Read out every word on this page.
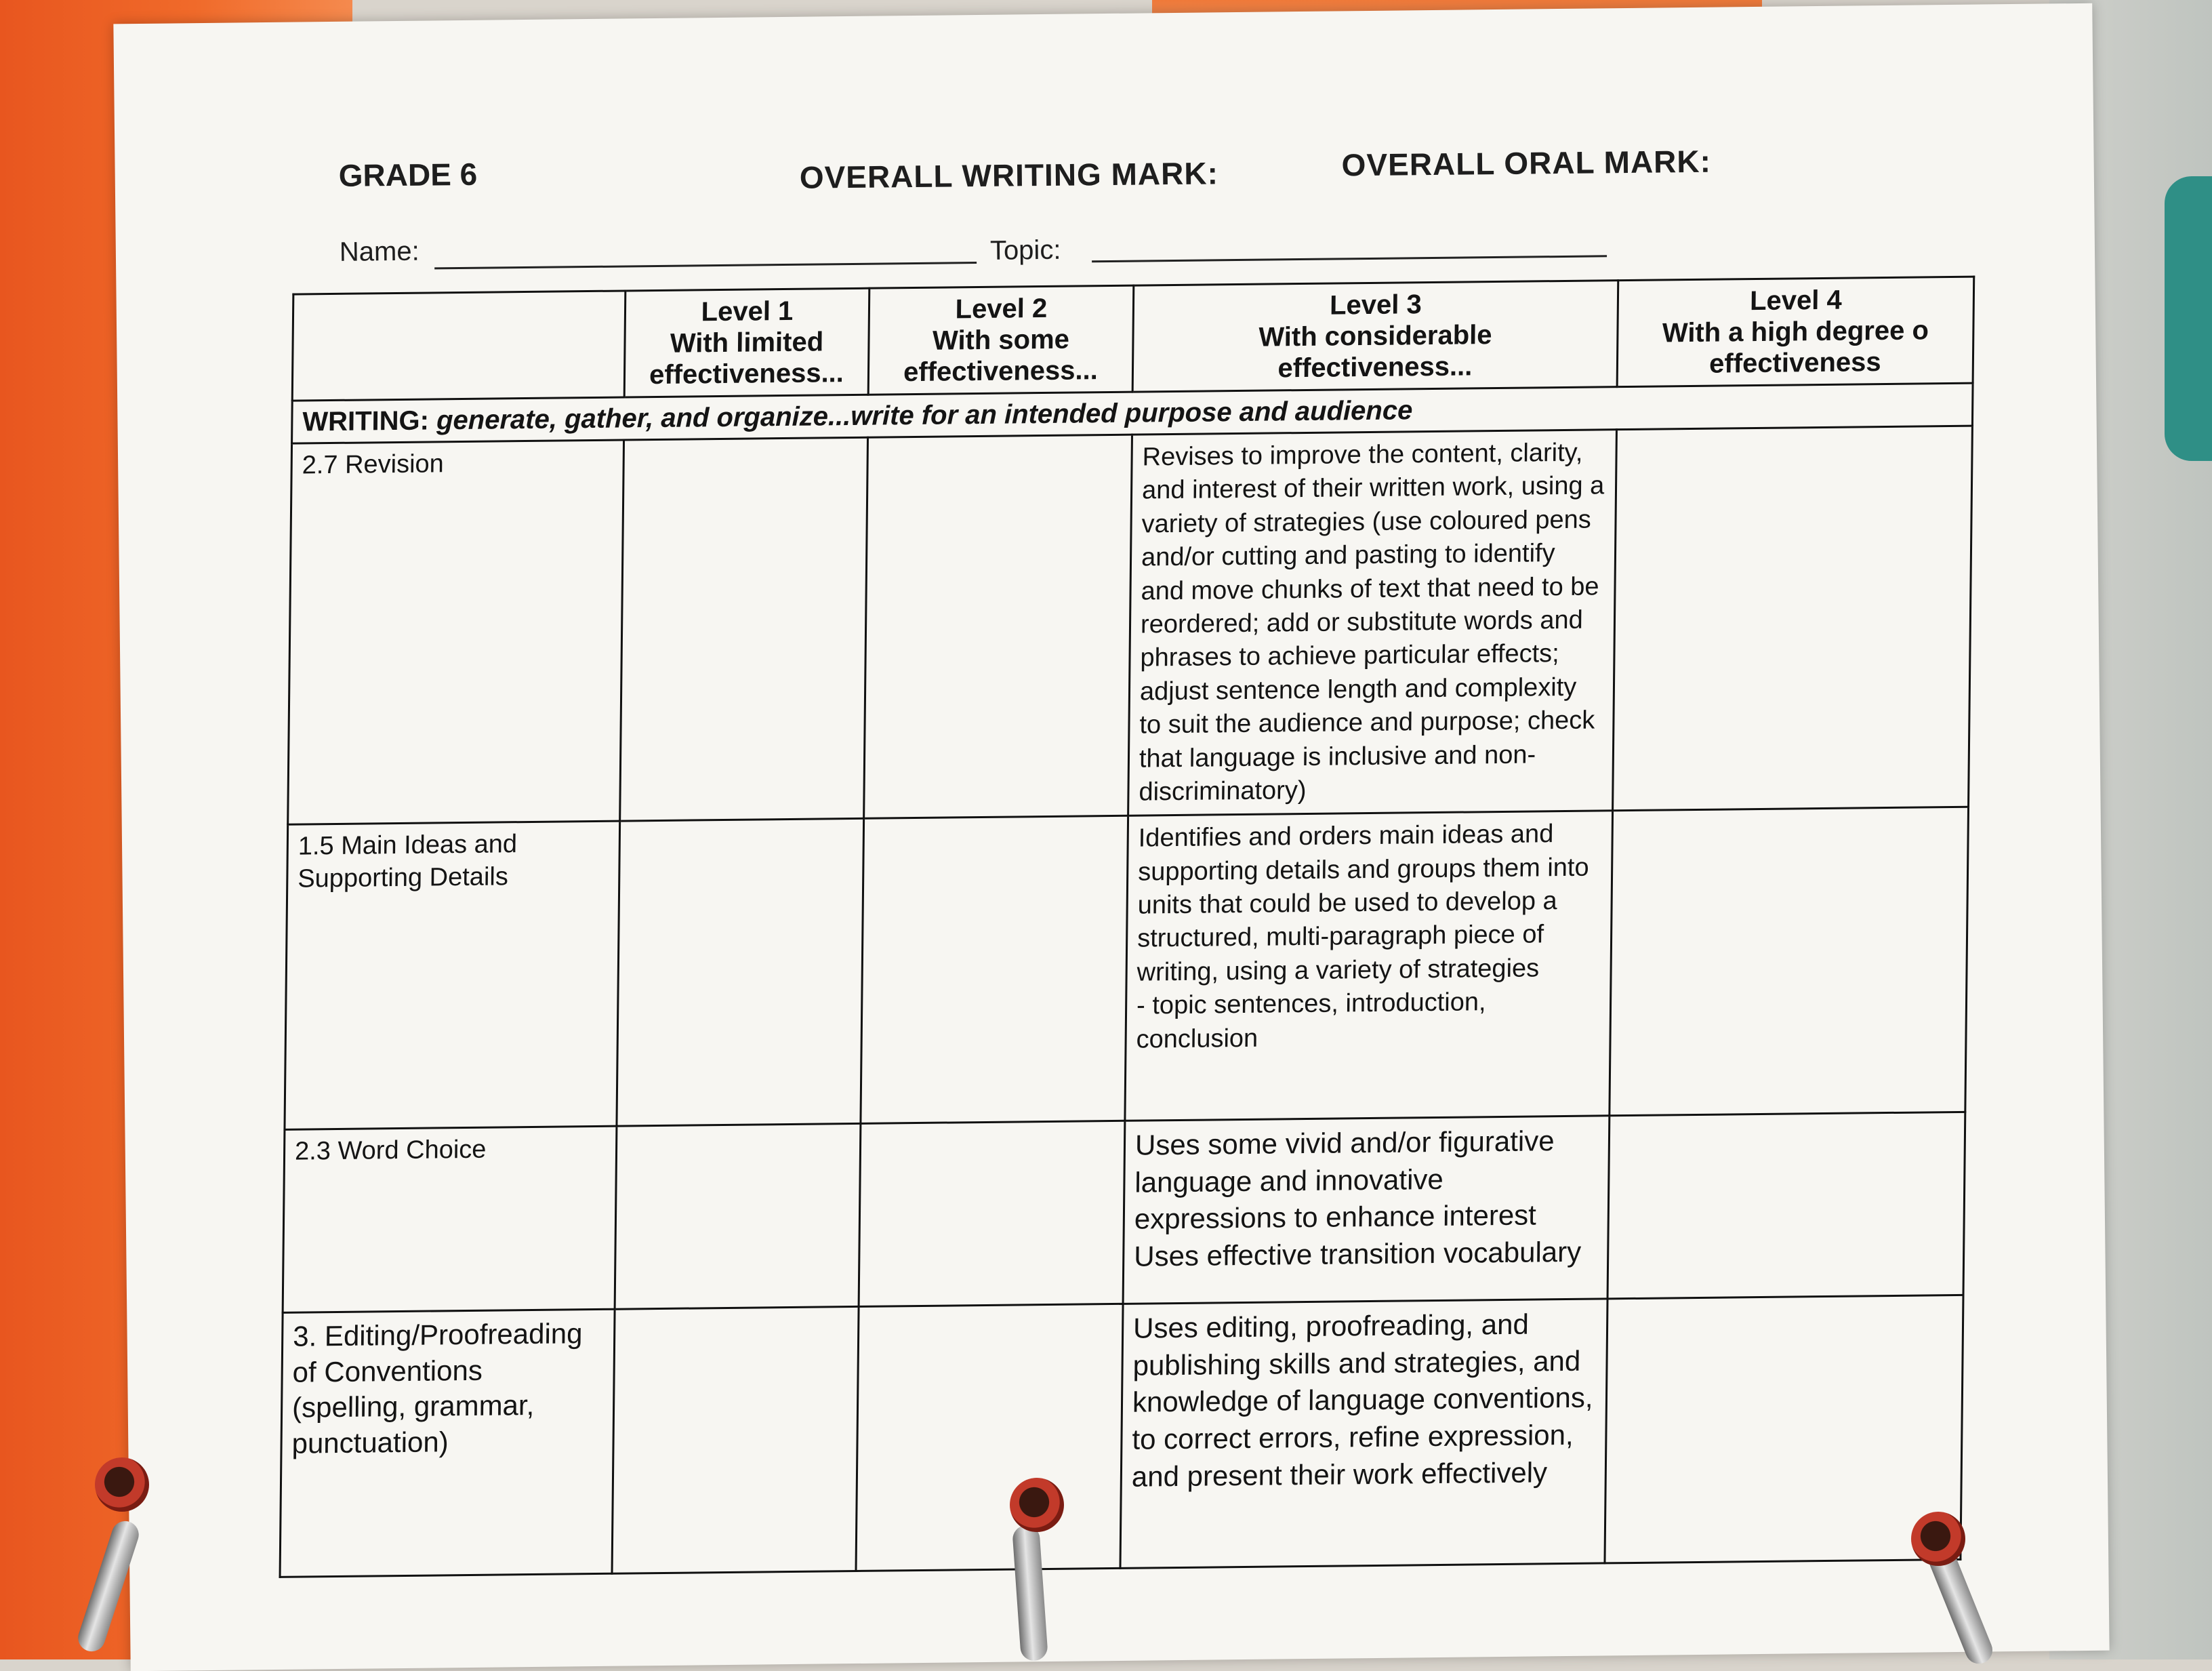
GRADE 6	OVERALL WRITING MARK:	OVERALL ORAL MARK:
Name:	Topic:
	Level 1
With limited
effectiveness...	Level 2
With some
effectiveness...	Level 3
With considerable
effectiveness...	Level 4
With a high degree o
effectiveness
WRITING: generate, gather, and organize...write for an intended purpose and audience				
2.7 Revision			Revises to improve the content, clarity, and interest of their written work, using a variety of strategies (use coloured pens and/or cutting and pasting to identify and move chunks of text that need to be reordered; add or substitute words and phrases to achieve particular effects; adjust sentence length and complexity to suit the audience and purpose; check that language is inclusive and non-discriminatory)	
1.5 Main Ideas and Supporting Details			Identifies and orders main ideas and supporting details and groups them into units that could be used to develop a structured, multi-paragraph piece of writing, using a variety of strategies
- topic sentences, introduction, conclusion	
2.3 Word Choice			Uses some vivid and/or figurative language and innovative expressions to enhance interest
Uses effective transition vocabulary	
3. Editing/Proofreading of Conventions (spelling, grammar, punctuation)			Uses editing, proofreading, and publishing skills and strategies, and knowledge of language conventions, to correct errors, refine expression, and present their work effectively	
